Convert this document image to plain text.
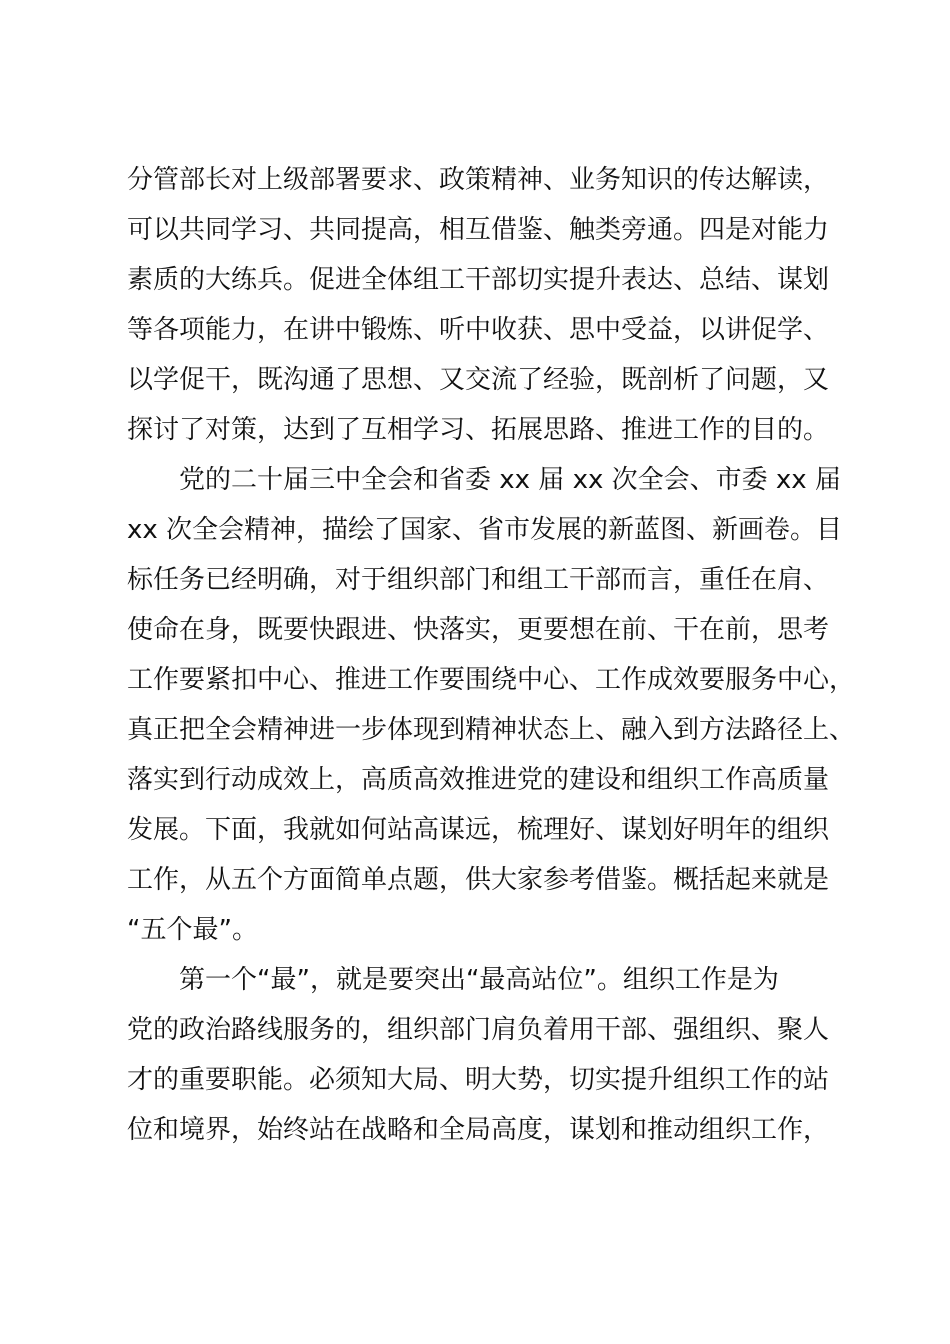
分管部长对上级部署要求、政策精神、业务知识的传达解读，
可以共同学习、共同提高，相互借鉴、触类旁通。四是对能力
素质的大练兵。促进全体组工干部切实提升表达、总结、谋划
等各项能力，在讲中锻炼、听中收获、思中受益，以讲促学、
以学促干，既沟通了思想、又交流了经验，既剖析了问题，又
探讨了对策，达到了互相学习、拓展思路、推进工作的目的。
党的二十届三中全会和省委 xx 届 xx 次全会、市委 xx 届
xx 次全会精神，描绘了国家、省市发展的新蓝图、新画卷。目
标任务已经明确，对于组织部门和组工干部而言，重任在肩、
使命在身，既要快跟进、快落实，更要想在前、干在前，思考
工作要紧扣中心、推进工作要围绕中心、工作成效要服务中心，
真正把全会精神进一步体现到精神状态上、融入到方法路径上、
落实到行动成效上，高质高效推进党的建设和组织工作高质量
发展。下面，我就如何站高谋远，梳理好、谋划好明年的组织
工作，从五个方面简单点题，供大家参考借鉴。概括起来就是
“五个最”。
第一个“最”，就是要突出“最高站位”。组织工作是为
党的政治路线服务的，组织部门肩负着用干部、强组织、聚人
才的重要职能。必须知大局、明大势，切实提升组织工作的站
位和境界，始终站在战略和全局高度，谋划和推动组织工作，
